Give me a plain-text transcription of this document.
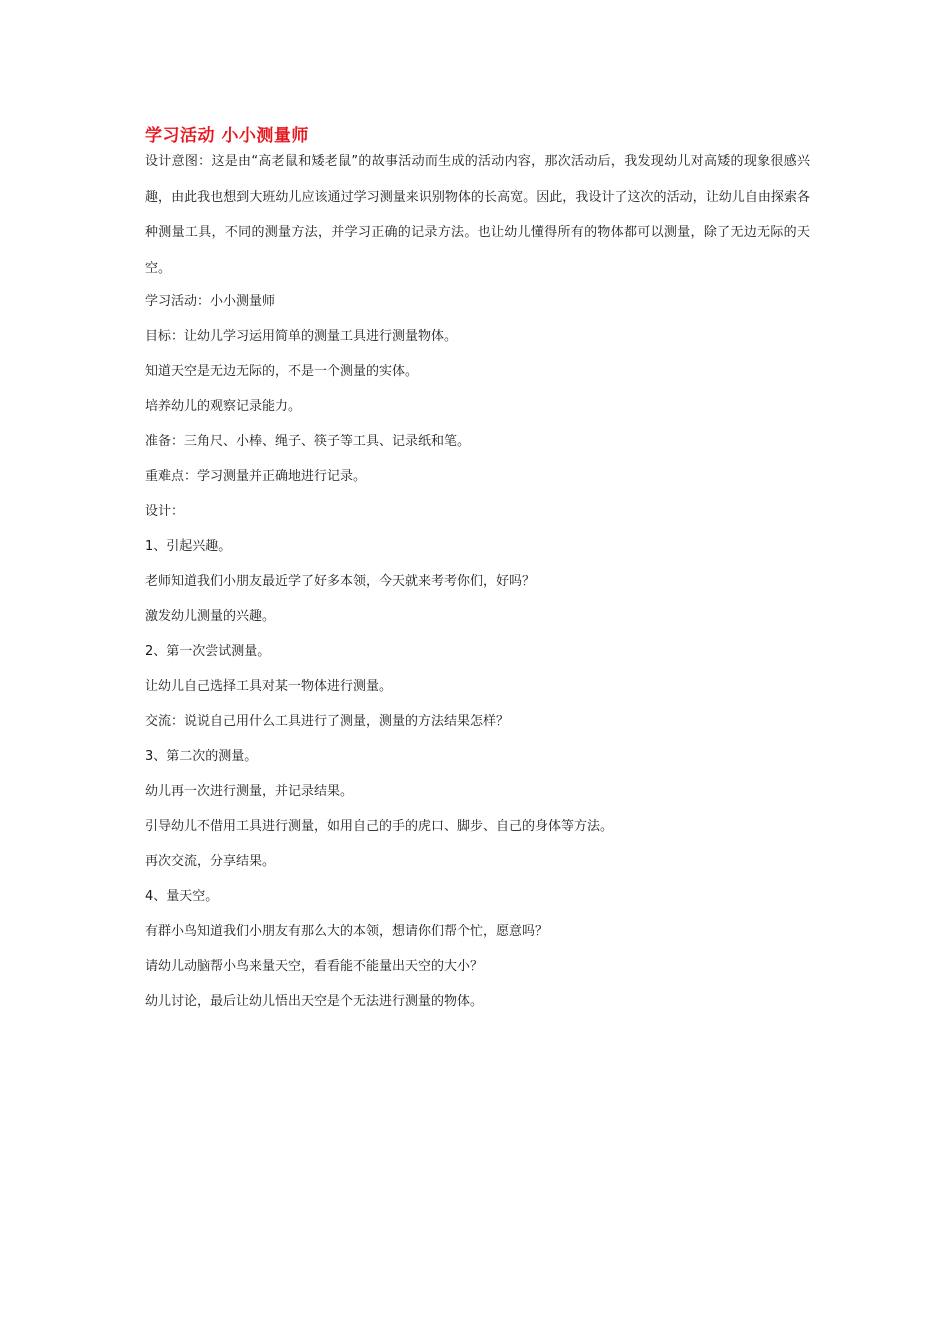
学习活动 小小测量师

设计意图：这是由“高老鼠和矮老鼠”的故事活动而生成的活动内容，那次活动后，我发现幼儿对高矮的现象很感兴趣，由此我也想到大班幼儿应该通过学习测量来识别物体的长高宽。因此，我设计了这次的活动，让幼儿自由探索各种测量工具，不同的测量方法，并学习正确的记录方法。也让幼儿懂得所有的物体都可以测量，除了无边无际的天空。

学习活动：小小测量师

目标：让幼儿学习运用简单的测量工具进行测量物体。

知道天空是无边无际的，不是一个测量的实体。

培养幼儿的观察记录能力。

准备：三角尺、小棒、绳子、筷子等工具、记录纸和笔。

重难点：学习测量并正确地进行记录。

设计：

1、引起兴趣。

老师知道我们小朋友最近学了好多本领，今天就来考考你们，好吗？

激发幼儿测量的兴趣。

2、第一次尝试测量。

让幼儿自己选择工具对某一物体进行测量。

交流：说说自己用什么工具进行了测量，测量的方法结果怎样？

3、第二次的测量。

幼儿再一次进行测量，并记录结果。

引导幼儿不借用工具进行测量，如用自己的手的虎口、脚步、自己的身体等方法。

再次交流，分享结果。

4、量天空。

有群小鸟知道我们小朋友有那么大的本领，想请你们帮个忙，愿意吗？

请幼儿动脑帮小鸟来量天空，看看能不能量出天空的大小？

幼儿讨论，最后让幼儿悟出天空是个无法进行测量的物体。
